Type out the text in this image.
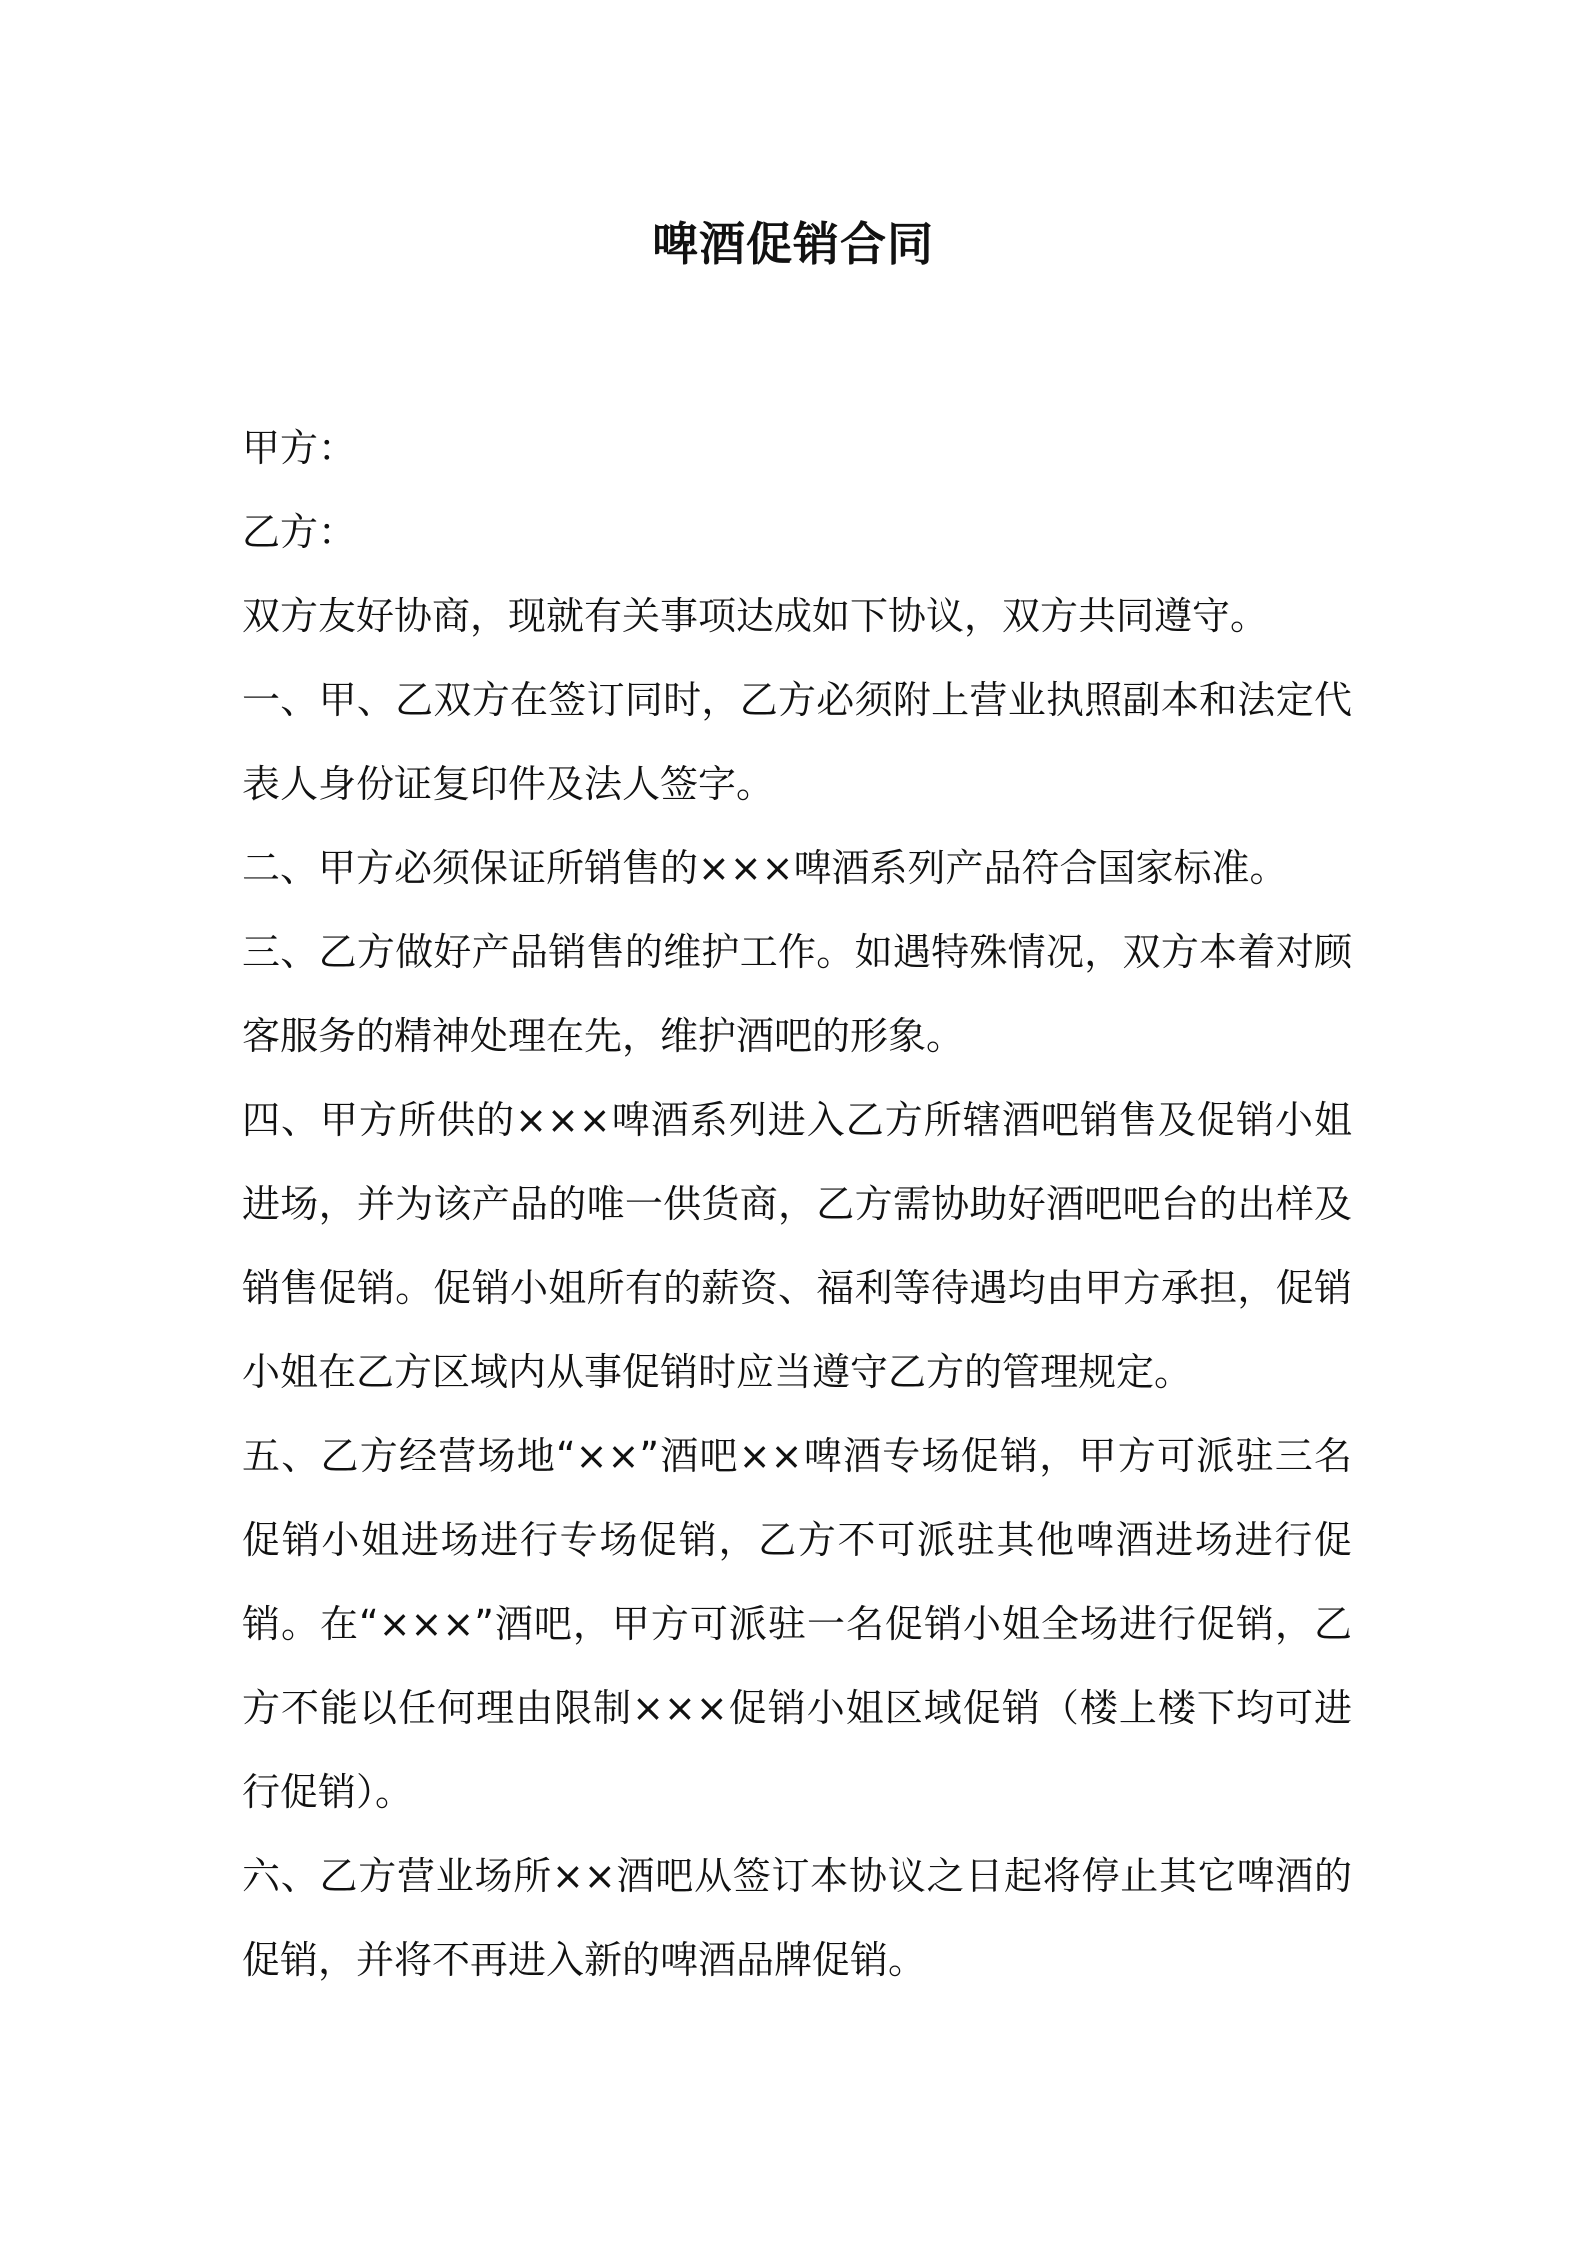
啤酒促销合同

甲方：

乙方：

双方友好协商，现就有关事项达成如下协议，双方共同遵守。

一、甲、乙双方在签订同时，乙方必须附上营业执照副本和法定代表人身份证复印件及法人签字。

二、甲方必须保证所销售的×××啤酒系列产品符合国家标准。

三、乙方做好产品销售的维护工作。如遇特殊情况，双方本着对顾客服务的精神处理在先，维护酒吧的形象。

四、甲方所供的×××啤酒系列进入乙方所辖酒吧销售及促销小姐进场，并为该产品的唯一供货商，乙方需协助好酒吧吧台的出样及销售促销。促销小姐所有的薪资、福利等待遇均由甲方承担，促销小姐在乙方区域内从事促销时应当遵守乙方的管理规定。

五、乙方经营场地“××”酒吧××啤酒专场促销，甲方可派驻三名促销小姐进场进行专场促销，乙方不可派驻其他啤酒进场进行促销。在“×××”酒吧，甲方可派驻一名促销小姐全场进行促销，乙方不能以任何理由限制×××促销小姐区域促销（楼上楼下均可进行促销）。

六、乙方营业场所××酒吧从签订本协议之日起将停止其它啤酒的促销，并将不再进入新的啤酒品牌促销。
